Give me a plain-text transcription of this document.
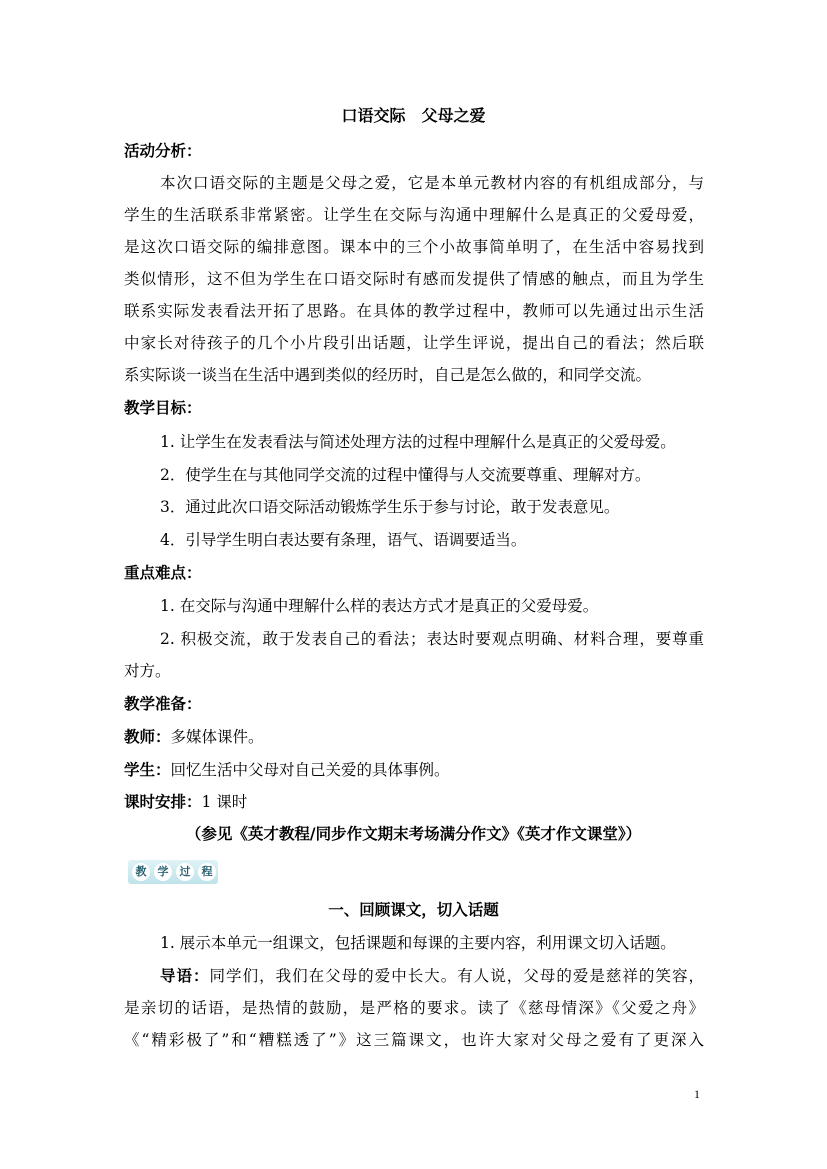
口语交际　父母之爱
活动分析：
本次口语交际的主题是父母之爱，它是本单元教材内容的有机组成部分，与
学生的生活联系非常紧密。让学生在交际与沟通中理解什么是真正的父爱母爱，
是这次口语交际的编排意图。课本中的三个小故事简单明了，在生活中容易找到
类似情形，这不但为学生在口语交际时有感而发提供了情感的触点，而且为学生
联系实际发表看法开拓了思路。在具体的教学过程中，教师可以先通过出示生活
中家长对待孩子的几个小片段引出话题，让学生评说，提出自己的看法；然后联
系实际谈一谈当在生活中遇到类似的经历时，自己是怎么做的，和同学交流。
教学目标：
1. 让学生在发表看法与简述处理方法的过程中理解什么是真正的父爱母爱。
2．使学生在与其他同学交流的过程中懂得与人交流要尊重、理解对方。
3．通过此次口语交际活动锻炼学生乐于参与讨论，敢于发表意见。
4．引导学生明白表达要有条理，语气、语调要适当。
重点难点：
1. 在交际与沟通中理解什么样的表达方式才是真正的父爱母爱。
2. 积极交流，敢于发表自己的看法；表达时要观点明确、材料合理，要尊重
对方。
教学准备：
教师：多媒体课件。
学生：回忆生活中父母对自己关爱的具体事例。
课时安排：1 课时
（参见《英才教程/同步作文期末考场满分作文》《英才作文课堂》）
教	学	过	程
一、回顾课文，切入话题
1. 展示本单元一组课文，包括课题和每课的主要内容，利用课文切入话题。
导语：同学们，我们在父母的爱中长大。有人说，父母的爱是慈祥的笑容，
是亲切的话语，是热情的鼓励，是严格的要求。读了《慈母情深》《父爱之舟》
《“精彩极了”和“糟糕透了”》这三篇课文，也许大家对父母之爱有了更深入
1
